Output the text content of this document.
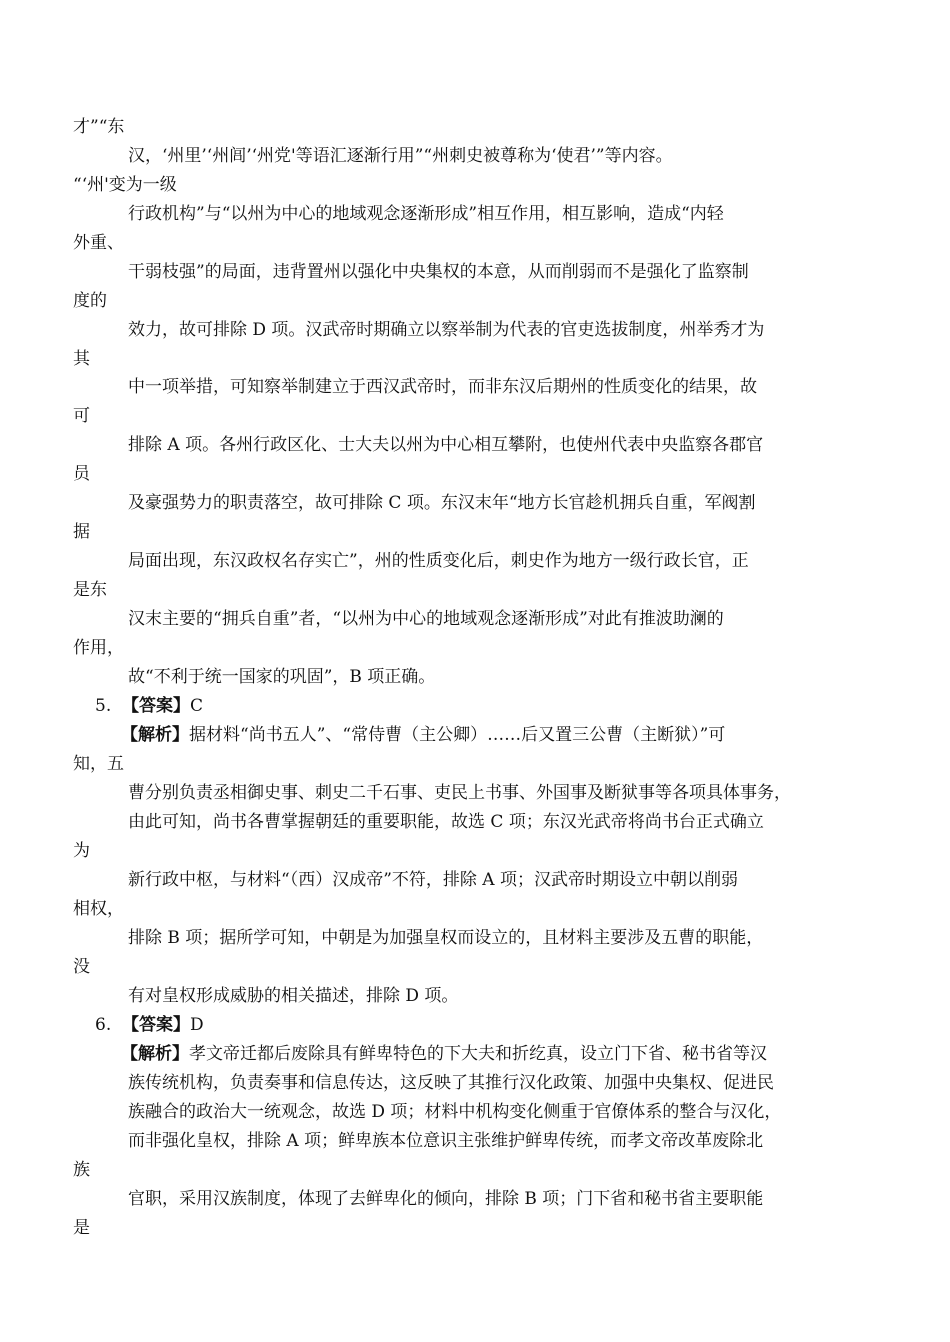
才”“东
汉，‘州里’‘州闾’‘州党'等语汇逐渐行用”“州刺史被尊称为‘使君’”等内容。
“‘州'变为一级
行政机构”与“以州为中心的地域观念逐渐形成”相互作用，相互影响，造成“内轻
外重、
干弱枝强”的局面，违背置州以强化中央集权的本意，从而削弱而不是强化了监察制
度的
效力，故可排除 D 项。汉武帝时期确立以察举制为代表的官吏选拔制度，州举秀才为
其
中一项举措，可知察举制建立于西汉武帝时，而非东汉后期州的性质变化的结果，故
可
排除 A 项。各州行政区化、士大夫以州为中心相互攀附，也使州代表中央监察各郡官
员
及豪强势力的职责落空，故可排除 C 项。东汉末年“地方长官趁机拥兵自重，军阀割
据
局面出现，东汉政权名存实亡”，州的性质变化后，刺史作为地方一级行政长官，正
是东
汉末主要的“拥兵自重”者，“以州为中心的地域观念逐渐形成”对此有推波助澜的
作用，
故“不利于统一国家的巩固”，B 项正确。
5. 【答案】C
【解析】据材料“尚书五人”、“常侍曹（主公卿）……后又置三公曹（主断狱）”可
知，五
曹分别负责丞相御史事、刺史二千石事、吏民上书事、外国事及断狱事等各项具体事务，
由此可知，尚书各曹掌握朝廷的重要职能，故选 C 项；东汉光武帝将尚书台正式确立
为
新行政中枢，与材料“（西）汉成帝”不符，排除 A 项；汉武帝时期设立中朝以削弱
相权，
排除 B 项；据所学可知，中朝是为加强皇权而设立的，且材料主要涉及五曹的职能，
没
有对皇权形成威胁的相关描述，排除 D 项。
6. 【答案】D
【解析】孝文帝迁都后废除具有鲜卑特色的下大夫和折纥真，设立门下省、秘书省等汉
族传统机构，负责奏事和信息传达，这反映了其推行汉化政策、加强中央集权、促进民
族融合的政治大一统观念，故选 D 项；材料中机构变化侧重于官僚体系的整合与汉化，
而非强化皇权，排除 A 项；鲜卑族本位意识主张维护鲜卑传统，而孝文帝改革废除北
族
官职，采用汉族制度，体现了去鲜卑化的倾向，排除 B 项；门下省和秘书省主要职能
是
